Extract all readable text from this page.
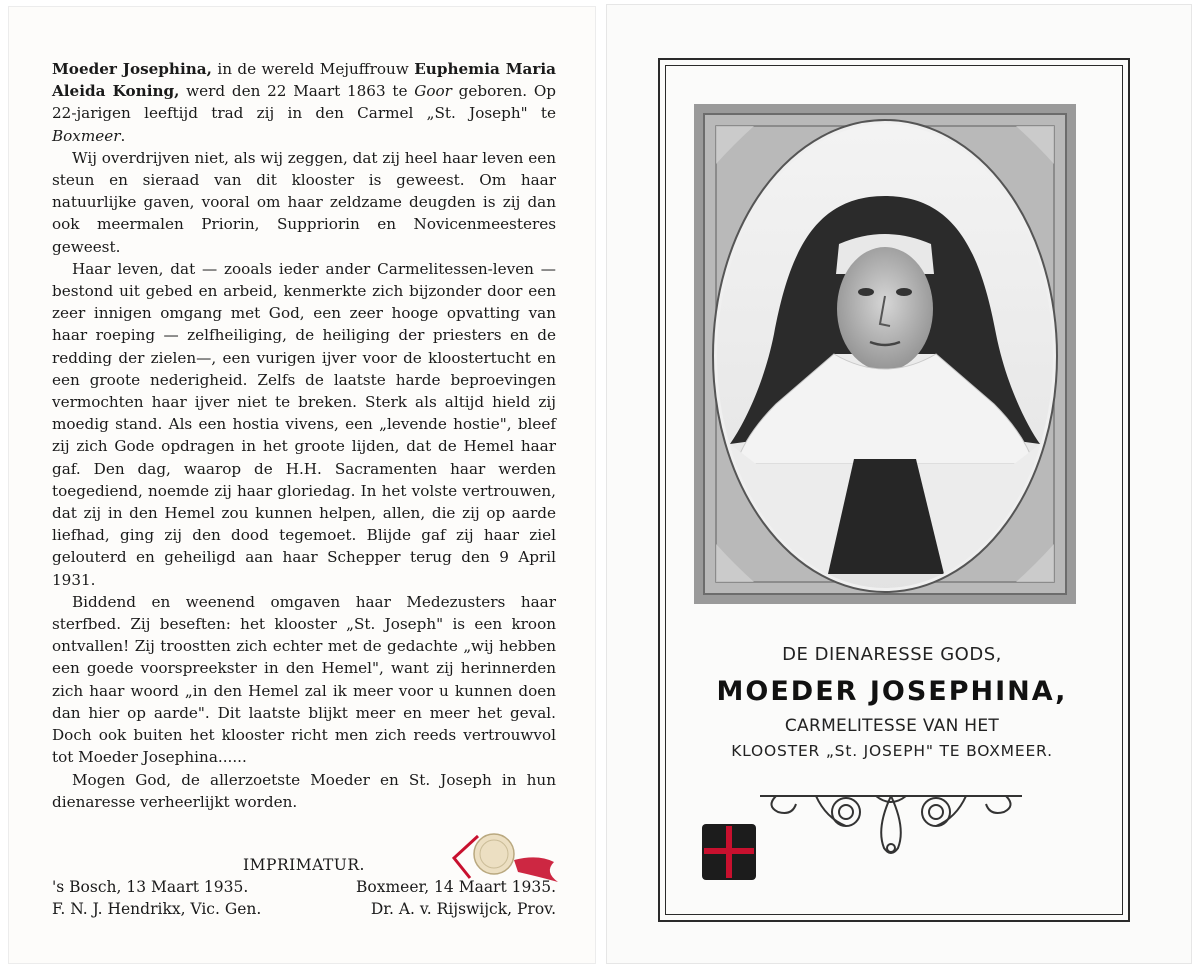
Moeder Josephina, in de wereld Mejuffrouw Euphemia Maria Aleida Koning, werd den 22 Maart 1863 te Goor geboren. Op 22-jarigen leeftijd trad zij in den Carmel „St. Joseph" te Boxmeer.

Wij overdrijven niet, als wij zeggen, dat zij heel haar leven een steun en sieraad van dit klooster is geweest. Om haar natuurlijke gaven, vooral om haar zeldzame deugden is zij dan ook meermalen Priorin, Suppriorin en Novicenmeesteres geweest.

Haar leven, dat — zooals ieder ander Carmelitessen-leven — bestond uit gebed en arbeid, kenmerkte zich bijzonder door een zeer innigen omgang met God, een zeer hooge opvatting van haar roeping — zelfheiliging, de heiliging der priesters en de redding der zielen—, een vurigen ijver voor de kloostertucht en een groote nederigheid. Zelfs de laatste harde beproevingen vermochten haar ijver niet te breken. Sterk als altijd hield zij moedig stand. Als een hostia vivens, een „levende hostie", bleef zij zich Gode opdragen in het groote lijden, dat de Hemel haar gaf. Den dag, waarop de H.H. Sacramenten haar werden toegediend, noemde zij haar gloriedag. In het volste vertrouwen, dat zij in den Hemel zou kunnen helpen, allen, die zij op aarde liefhad, ging zij den dood tegemoet. Blijde gaf zij haar ziel gelouterd en geheiligd aan haar Schepper terug den 9 April 1931.

Biddend en weenend omgaven haar Medezusters haar sterfbed. Zij beseften: het klooster „St. Joseph" is een kroon ontvallen! Zij troostten zich echter met de gedachte „wij hebben een goede voorspreekster in den Hemel", want zij herinnerden zich haar woord „in den Hemel zal ik meer voor u kunnen doen dan hier op aarde". Dit laatste blijkt meer en meer het geval. Doch ook buiten het klooster richt men zich reeds vertrouwvol tot Moeder Josephina......

Mogen God, de allerzoetste Moeder en St. Joseph in hun dienaresse verheerlijkt worden.

IMPRIMATUR.
's Bosch, 13 Maart 1935.	Boxmeer, 14 Maart 1935.
F. N. J. Hendrikx, Vic. Gen.	Dr. A. v. Rijswijck, Prov.
DE DIENARESSE GODS,
MOEDER JOSEPHINA,
CARMELITESSE VAN HET
KLOOSTER „St. JOSEPH" TE BOXMEER.
